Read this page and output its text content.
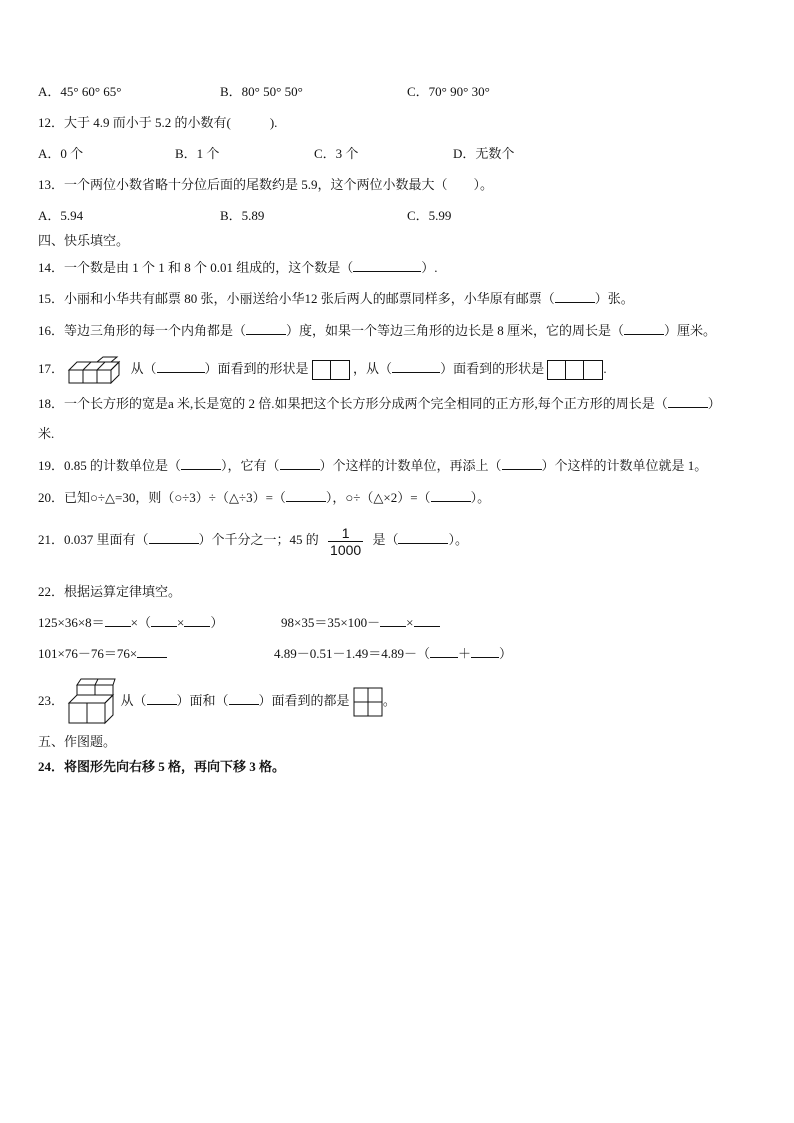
A．45° 60° 65°	B．80° 50° 50°	C．70° 90° 30°
12．大于 4.9 而小于 5.2 的小数有(　　　).
A．0 个	B．1 个	C．3 个	D．无数个
13．一个两位小数省略十分位后面的尾数约是 5.9，这个两位小数最大（　　）。
A．5.94	B．5.89	C．5.99
四、快乐填空。
14．一个数是由 1 个 1 和 8 个 0.01 组成的，这个数是（	）.
15．小丽和小华共有邮票 80 张，小丽送给小华12 张后两人的邮票同样多，小华原有邮票（	）张。
16．等边三角形的每一个内角都是（	）度，如果一个等边三角形的边长是 8 厘米，它的周长是（	）厘米。
17．	从（	）面看到的形状是	，从（	）面看到的形状是	.
18．一个长方形的宽是a 米,长是宽的 2 倍.如果把这个长方形分成两个完全相同的正方形,每个正方形的周长是（	）
米.
19．0.85 的计数单位是（	），它有（	）个这样的计数单位，再添上（	）个这样的计数单位就是 1。
20．已知○÷△=30，则（○÷3）÷（△÷3）=（	），○÷（△×2）=（	）。
21．0.037 里面有（	）个千分之一；45 的 $\frac{1}{1000}$ 是（	）。
22．根据运算定律填空。
125×36×8＝ ×（ × ）	98×35＝35×100－ ×
101×76－76＝76×	4.89－0.51－1.49＝4.89－（ ＋ ）
23．	从（ ）面和（ ）面看到的都是	。
五、作图题。
24．将图形先向右移 5 格，再向下移 3 格。
